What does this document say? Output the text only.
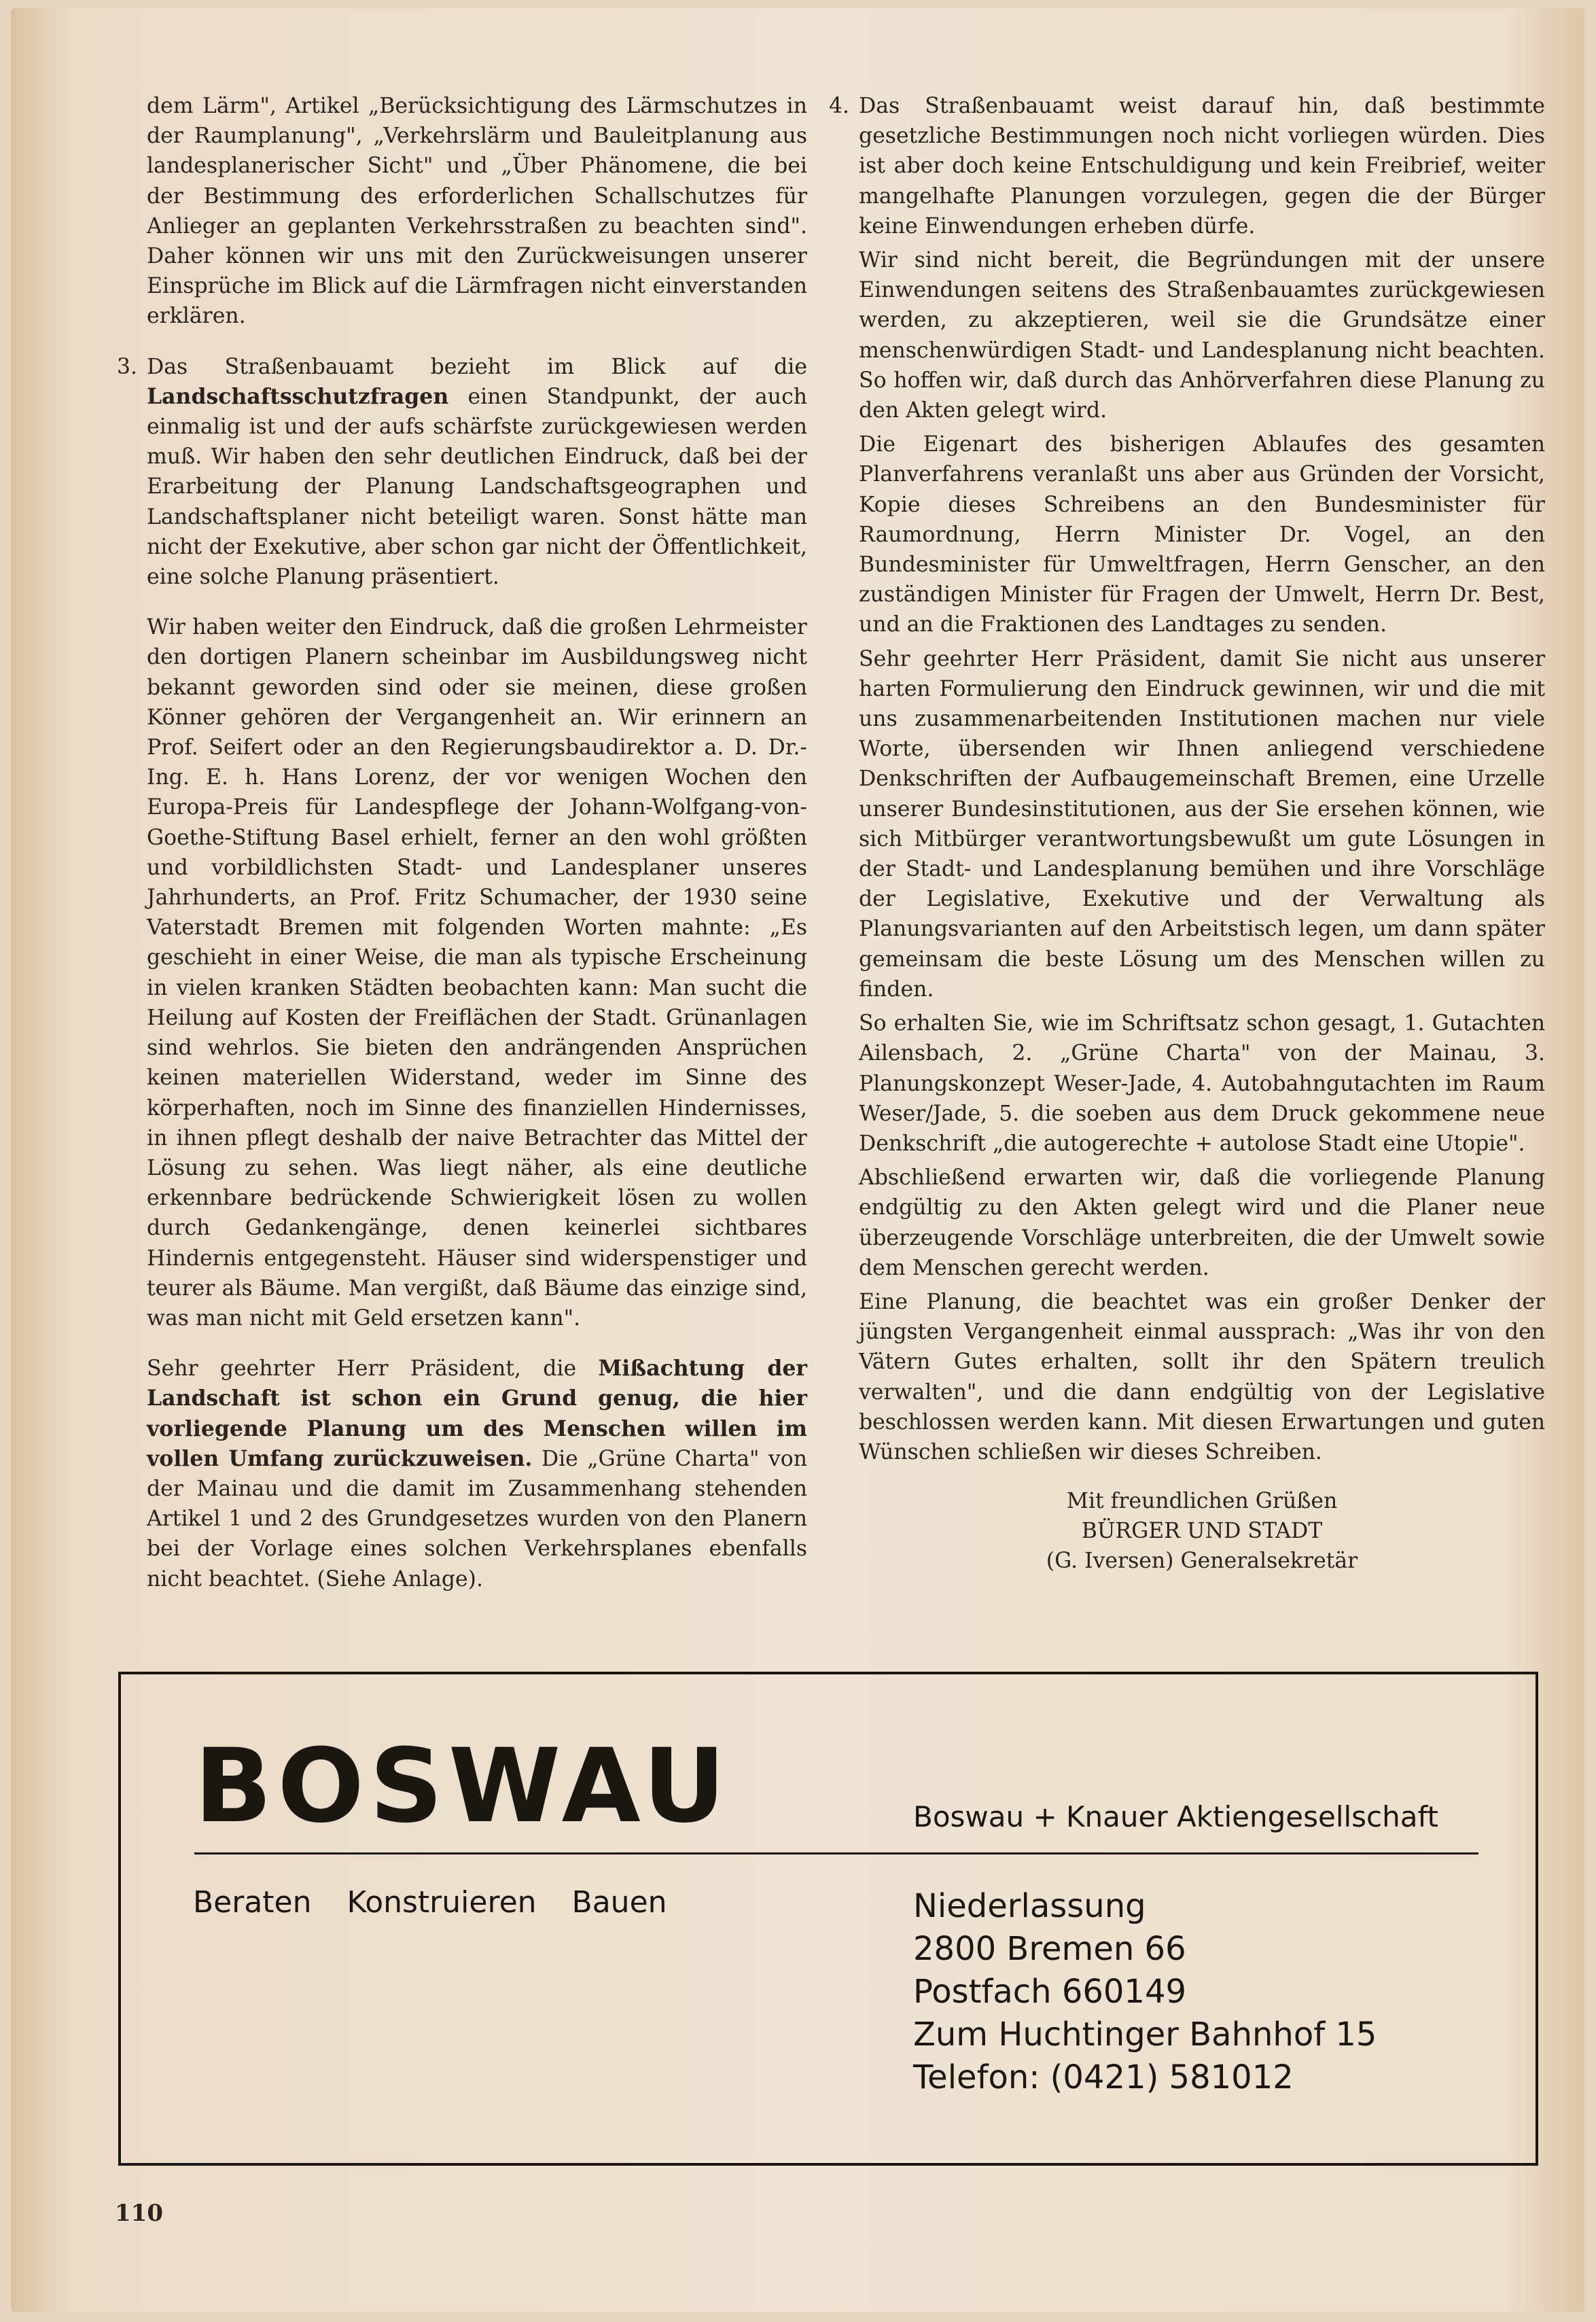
dem Lärm", Artikel „Berücksichtigung des Lärmschutzes in der Raumplanung", „Verkehrslärm und Bauleitplanung aus landesplanerischer Sicht" und „Über Phänomene, die bei der Bestimmung des erforderlichen Schallschutzes für Anlieger an geplanten Verkehrsstraßen zu beachten sind". Daher können wir uns mit den Zurückweisungen unserer Einsprüche im Blick auf die Lärmfragen nicht einverstanden erklären.

3. Das Straßenbauamt bezieht im Blick auf die Landschaftsschutzfragen einen Standpunkt, der auch einmalig ist und der aufs schärfste zurückgewiesen werden muß. Wir haben den sehr deutlichen Eindruck, daß bei der Erarbeitung der Planung Landschaftsgeographen und Landschaftsplaner nicht beteiligt waren. Sonst hätte man nicht der Exekutive, aber schon gar nicht der Öffentlichkeit, eine solche Planung präsentiert.

Wir haben weiter den Eindruck, daß die großen Lehrmeister den dortigen Planern scheinbar im Ausbildungsweg nicht bekannt geworden sind oder sie meinen, diese großen Könner gehören der Vergangenheit an. Wir erinnern an Prof. Seifert oder an den Regierungsbaudirektor a. D. Dr.-Ing. E. h. Hans Lorenz, der vor wenigen Wochen den Europa-Preis für Landespflege der Johann-Wolfgang-von-Goethe-Stiftung Basel erhielt, ferner an den wohl größten und vorbildlichsten Stadt- und Landesplaner unseres Jahrhunderts, an Prof. Fritz Schumacher, der 1930 seine Vaterstadt Bremen mit folgenden Worten mahnte: „Es geschieht in einer Weise, die man als typische Erscheinung in vielen kranken Städten beobachten kann: Man sucht die Heilung auf Kosten der Freiflächen der Stadt. Grünanlagen sind wehrlos. Sie bieten den andrängenden Ansprüchen keinen materiellen Widerstand, weder im Sinne des körperhaften, noch im Sinne des finanziellen Hindernisses, in ihnen pflegt deshalb der naive Betrachter das Mittel der Lösung zu sehen. Was liegt näher, als eine deutliche erkennbare bedrückende Schwierigkeit lösen zu wollen durch Gedankengänge, denen keinerlei sichtbares Hindernis entgegensteht. Häuser sind widerspenstiger und teurer als Bäume. Man vergißt, daß Bäume das einzige sind, was man nicht mit Geld ersetzen kann".

Sehr geehrter Herr Präsident, die Mißachtung der Landschaft ist schon ein Grund genug, die hier vorliegende Planung um des Menschen willen im vollen Umfang zurückzuweisen. Die „Grüne Charta" von der Mainau und die damit im Zusammenhang stehenden Artikel 1 und 2 des Grundgesetzes wurden von den Planern bei der Vorlage eines solchen Verkehrsplanes ebenfalls nicht beachtet. (Siehe Anlage).

4. Das Straßenbauamt weist darauf hin, daß bestimmte gesetzliche Bestimmungen noch nicht vorliegen würden. Dies ist aber doch keine Entschuldigung und kein Freibrief, weiter mangelhafte Planungen vorzulegen, gegen die der Bürger keine Einwendungen erheben dürfe.

Wir sind nicht bereit, die Begründungen mit der unsere Einwendungen seitens des Straßenbauamtes zurückgewiesen werden, zu akzeptieren, weil sie die Grundsätze einer menschenwürdigen Stadt- und Landesplanung nicht beachten. So hoffen wir, daß durch das Anhörverfahren diese Planung zu den Akten gelegt wird.

Die Eigenart des bisherigen Ablaufes des gesamten Planverfahrens veranlaßt uns aber aus Gründen der Vorsicht, Kopie dieses Schreibens an den Bundesminister für Raumordnung, Herrn Minister Dr. Vogel, an den Bundesminister für Umweltfragen, Herrn Genscher, an den zuständigen Minister für Fragen der Umwelt, Herrn Dr. Best, und an die Fraktionen des Landtages zu senden.

Sehr geehrter Herr Präsident, damit Sie nicht aus unserer harten Formulierung den Eindruck gewinnen, wir und die mit uns zusammenarbeitenden Institutionen machen nur viele Worte, übersenden wir Ihnen anliegend verschiedene Denkschriften der Aufbaugemeinschaft Bremen, eine Urzelle unserer Bundesinstitutionen, aus der Sie ersehen können, wie sich Mitbürger verantwortungsbewußt um gute Lösungen in der Stadt- und Landesplanung bemühen und ihre Vorschläge der Legislative, Exekutive und der Verwaltung als Planungsvarianten auf den Arbeitstisch legen, um dann später gemeinsam die beste Lösung um des Menschen willen zu finden.

So erhalten Sie, wie im Schriftsatz schon gesagt, 1. Gutachten Ailensbach, 2. „Grüne Charta" von der Mainau, 3. Planungskonzept Weser-Jade, 4. Autobahngutachten im Raum Weser/Jade, 5. die soeben aus dem Druck gekommene neue Denkschrift „die autogerechte + autolose Stadt eine Utopie".

Abschließend erwarten wir, daß die vorliegende Planung endgültig zu den Akten gelegt wird und die Planer neue überzeugende Vorschläge unterbreiten, die der Umwelt sowie dem Menschen gerecht werden.

Eine Planung, die beachtet was ein großer Denker der jüngsten Vergangenheit einmal aussprach: „Was ihr von den Vätern Gutes erhalten, sollt ihr den Spätern treulich verwalten", und die dann endgültig von der Legislative beschlossen werden kann. Mit diesen Erwartungen und guten Wünschen schließen wir dieses Schreiben.

Mit freundlichen Grüßen
BÜRGER UND STADT
(G. Iversen) Generalsekretär
BOSWAU	Boswau + Knauer Aktiengesellschaft
Beraten Konstruieren Bauen	Niederlassung
2800 Bremen 66
Postfach 660149
Zum Huchtinger Bahnhof 15
Telefon: (0421) 581012
110
